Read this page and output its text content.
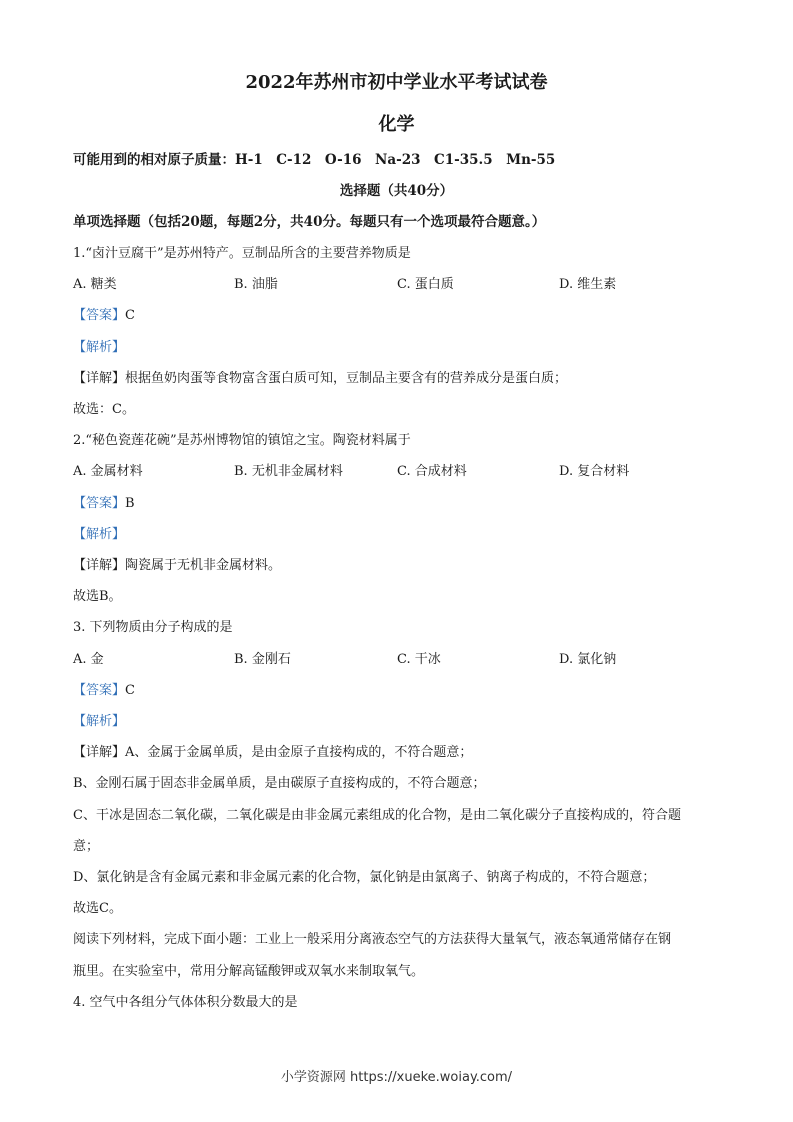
2022年苏州市初中学业水平考试试卷
化学
可能用到的相对原子质量：H-1　C-12　O-16　Na-23　C1-35.5　Mn-55
选择题（共40分）
单项选择题（包括20题，每题2分，共40分。每题只有一个选项最符合题意。）
1.“卤汁豆腐干”是苏州特产。豆制品所含的主要营养物质是
A. 糖类	B. 油脂	C. 蛋白质	D. 维生素
【答案】C
【解析】
【详解】根据鱼奶肉蛋等食物富含蛋白质可知，豆制品主要含有的营养成分是蛋白质；
故选：C。
2.“秘色瓷莲花碗”是苏州博物馆的镇馆之宝。陶瓷材料属于
A. 金属材料	B. 无机非金属材料	C. 合成材料	D. 复合材料
【答案】B
【解析】
【详解】陶瓷属于无机非金属材料。
故选B。
3. 下列物质由分子构成的是
A. 金	B. 金刚石	C. 干冰	D. 氯化钠
【答案】C
【解析】
【详解】A、金属于金属单质，是由金原子直接构成的，不符合题意；
B、金刚石属于固态非金属单质，是由碳原子直接构成的，不符合题意；
C、干冰是固态二氧化碳，二氧化碳是由非金属元素组成的化合物，是由二氧化碳分子直接构成的，符合题
意；
D、氯化钠是含有金属元素和非金属元素的化合物，氯化钠是由氯离子、钠离子构成的，不符合题意；
故选C。
阅读下列材料，完成下面小题：工业上一般采用分离液态空气的方法获得大量氧气，液态氧通常储存在钢
瓶里。在实验室中，常用分解高锰酸钾或双氧水来制取氧气。
4. 空气中各组分气体体积分数最大的是
小学资源网 https://xueke.woiay.com/
